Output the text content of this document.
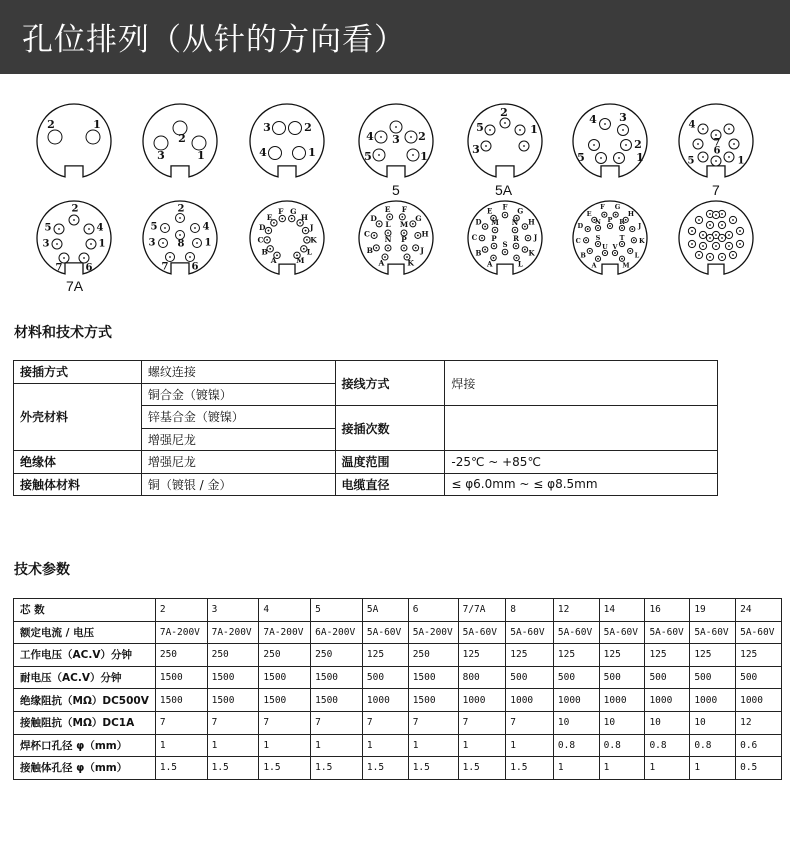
孔位排列（从针的方向看）
2	1
2
3	1
3	2
4	1
3
4	2
5	1
2
5
3
1
4 3
2
5	1
4
7
5	1
6
2
5	4
3	1
7 6
2
5	4
3	1
8
7 6
A
B
C
D
E
F G
H
J
K
L
M	A
B
C
D
E F
G
H
J
K
L M
N P
A
B
C
D
E F G
H
J
K
L
M N
P R
S
A
B
C
D
E
F G
H
J
K
L
M
N P R
S	T
U V
5	5A	7
7A
材料和技术方式
接插方式	螺纹连接	接线方式	焊接
外壳材料	铜合金（镀镍）		
	锌基合金（镀镍）	接插次数	
	增强尼龙		
绝缘体	增强尼龙	温度范围	-25℃ ~ +85℃
接触体材料	铜（镀银 / 金）	电缆直径	≤ φ6.0mm ~ ≤ φ8.5mm
技术参数
芯 数	2	3	4	5	5A	6	7/7A	8	12	14	16	19	24
额定电流 / 电压	7A-200V	7A-200V	7A-200V	6A-200V	5A-60V	5A-200V	5A-60V	5A-60V	5A-60V	5A-60V	5A-60V	5A-60V	5A-60V
工作电压（AC.V）分钟	250	250	250	250	125	250	125	125	125	125	125	125	125
耐电压（AC.V）分钟	1500	1500	1500	1500	500	1500	800	500	500	500	500	500	500
绝缘阻抗（MΩ）DC500V	1500	1500	1500	1500	1000	1500	1000	1000	1000	1000	1000	1000	1000
接触阻抗（MΩ）DC1A	7	7	7	7	7	7	7	7	10	10	10	10	12
焊杯口孔径 φ（mm）	1	1	1	1	1	1	1	1	0.8	0.8	0.8	0.8	0.6
接触体孔径 φ（mm）	1.5	1.5	1.5	1.5	1.5	1.5	1.5	1.5	1	1	1	1	0.5
